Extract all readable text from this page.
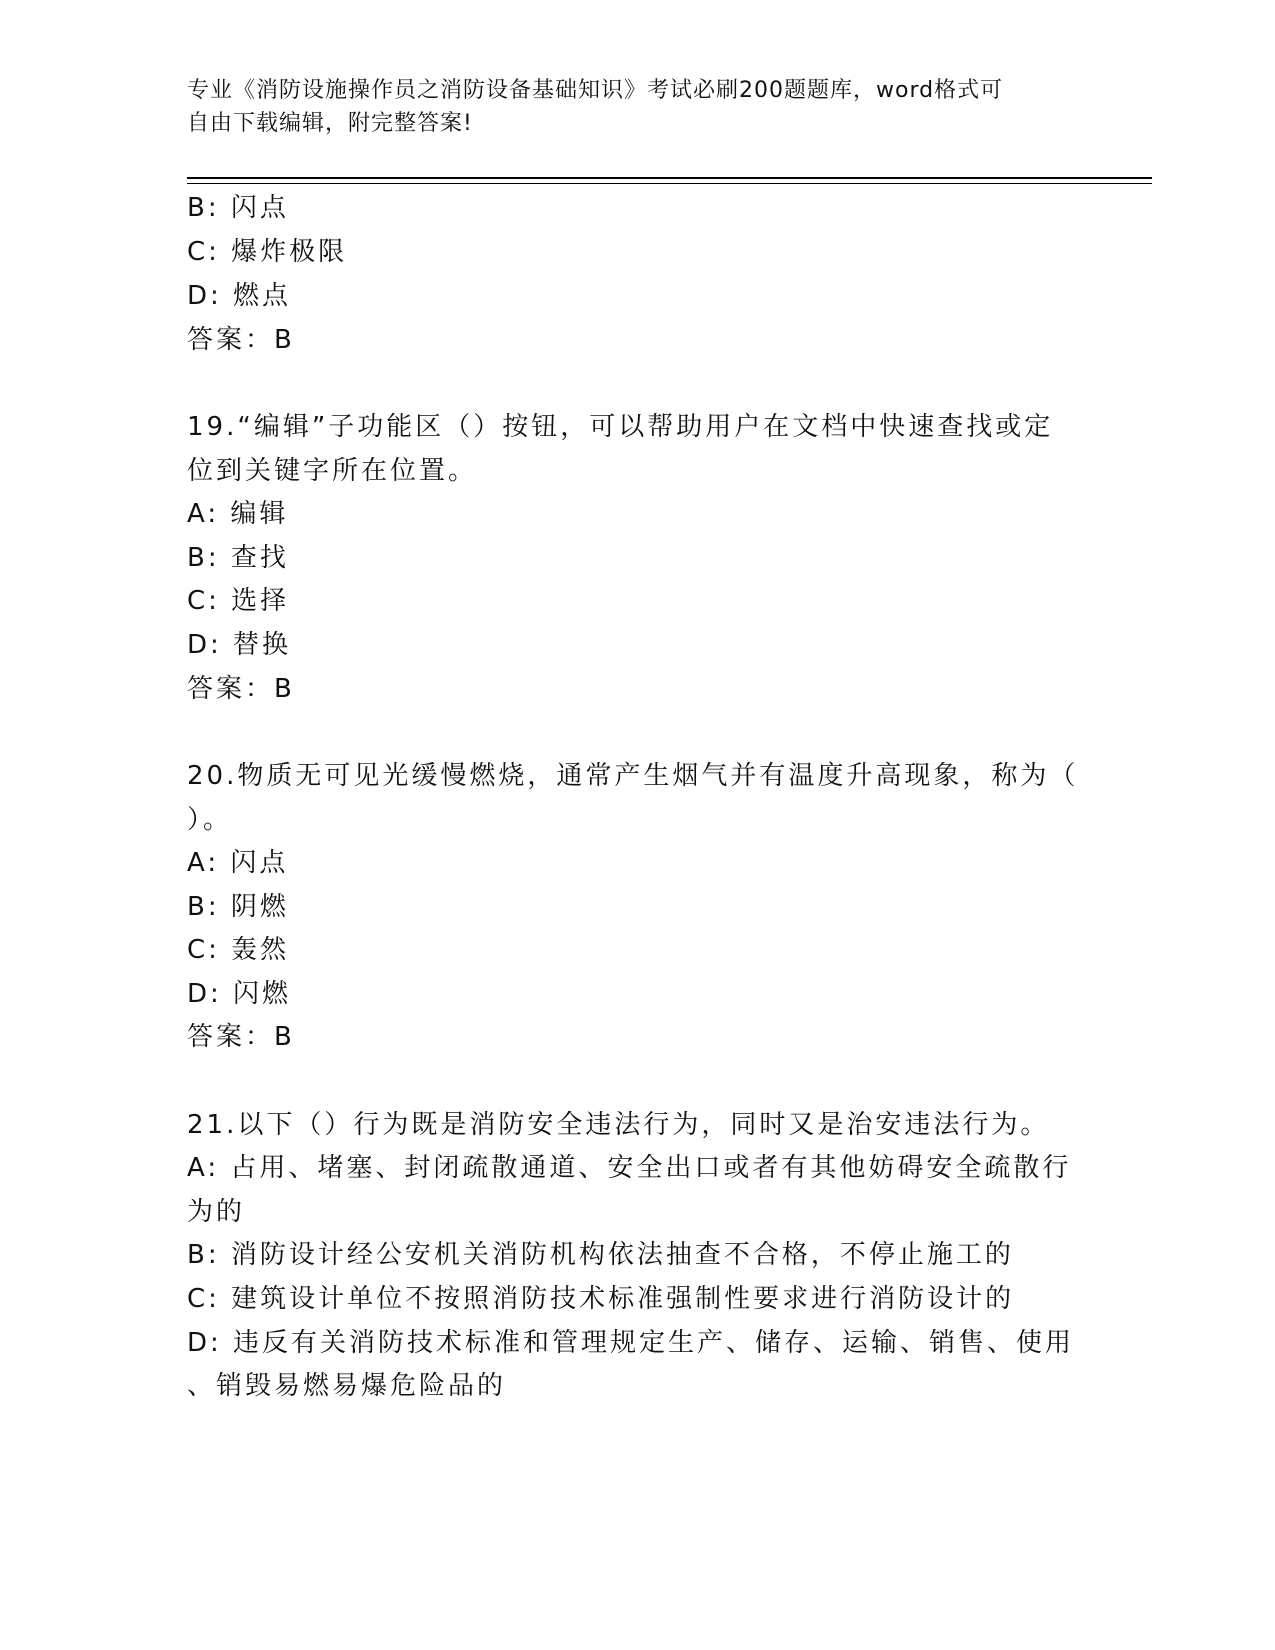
专业《消防设施操作员之消防设备基础知识》考试必刷200题题库，word格式可
自由下载编辑，附完整答案!
B: 闪点
C: 爆炸极限
D: 燃点
答案：B
19.“编辑”子功能区（）按钮，可以帮助用户在文档中快速查找或定
位到关键字所在位置。
A: 编辑
B: 查找
C: 选择
D: 替换
答案：B
20.物质无可见光缓慢燃烧，通常产生烟气并有温度升高现象，称为（
）。
A: 闪点
B: 阴燃
C: 轰然
D: 闪燃
答案：B
21.以下（）行为既是消防安全违法行为，同时又是治安违法行为。
A: 占用、堵塞、封闭疏散通道、安全出口或者有其他妨碍安全疏散行
为的
B: 消防设计经公安机关消防机构依法抽查不合格，不停止施工的
C: 建筑设计单位不按照消防技术标准强制性要求进行消防设计的
D: 违反有关消防技术标准和管理规定生产、储存、运输、销售、使用
、销毁易燃易爆危险品的
